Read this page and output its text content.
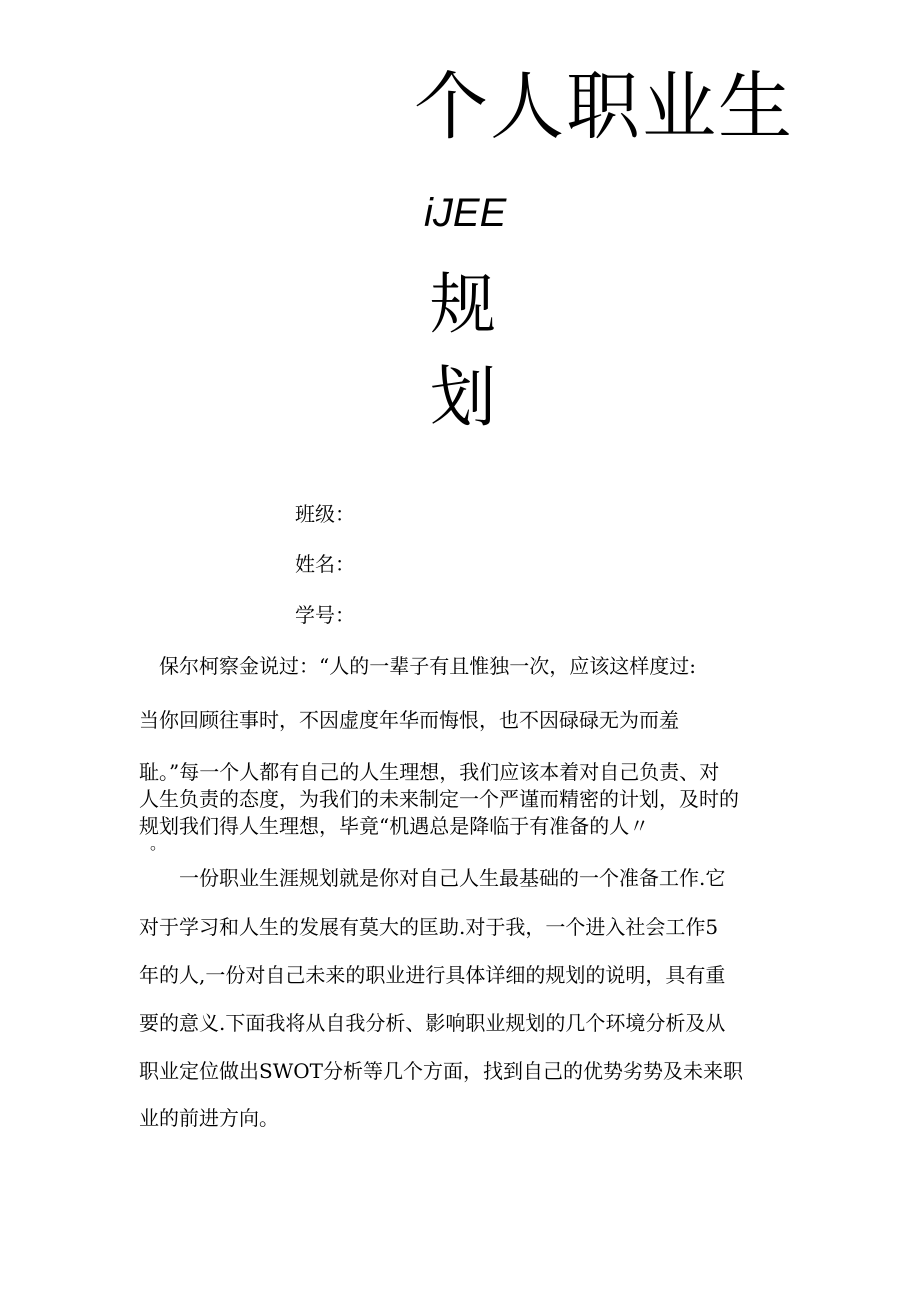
个人职业生
iJEE
规
划
班级：
姓名：
学号：
　保尔柯察金说过：“人的一辈子有且惟独一次，应该这样度过:
当你回顾往事时，不因虚度年华而悔恨，也不因碌碌无为而羞
耻。”每一个人都有自己的人生理想，我们应该本着对自己负责、对
人生负责的态度，为我们的未来制定一个严谨而精密的计划，及时的
规划我们得人生理想，毕竟“机遇总是降临于有准备的人〃
。
　　一份职业生涯规划就是你对自己人生最基础的一个准备工作.它
对于学习和人生的发展有莫大的匡助.对于我，一个进入社会工作5
年的人,一份对自己未来的职业进行具体详细的规划的说明，具有重
要的意义.下面我将从自我分析、影响职业规划的几个环境分析及从
职业定位做出SWOT分析等几个方面，找到自己的优势劣势及未来职
业的前进方向。
